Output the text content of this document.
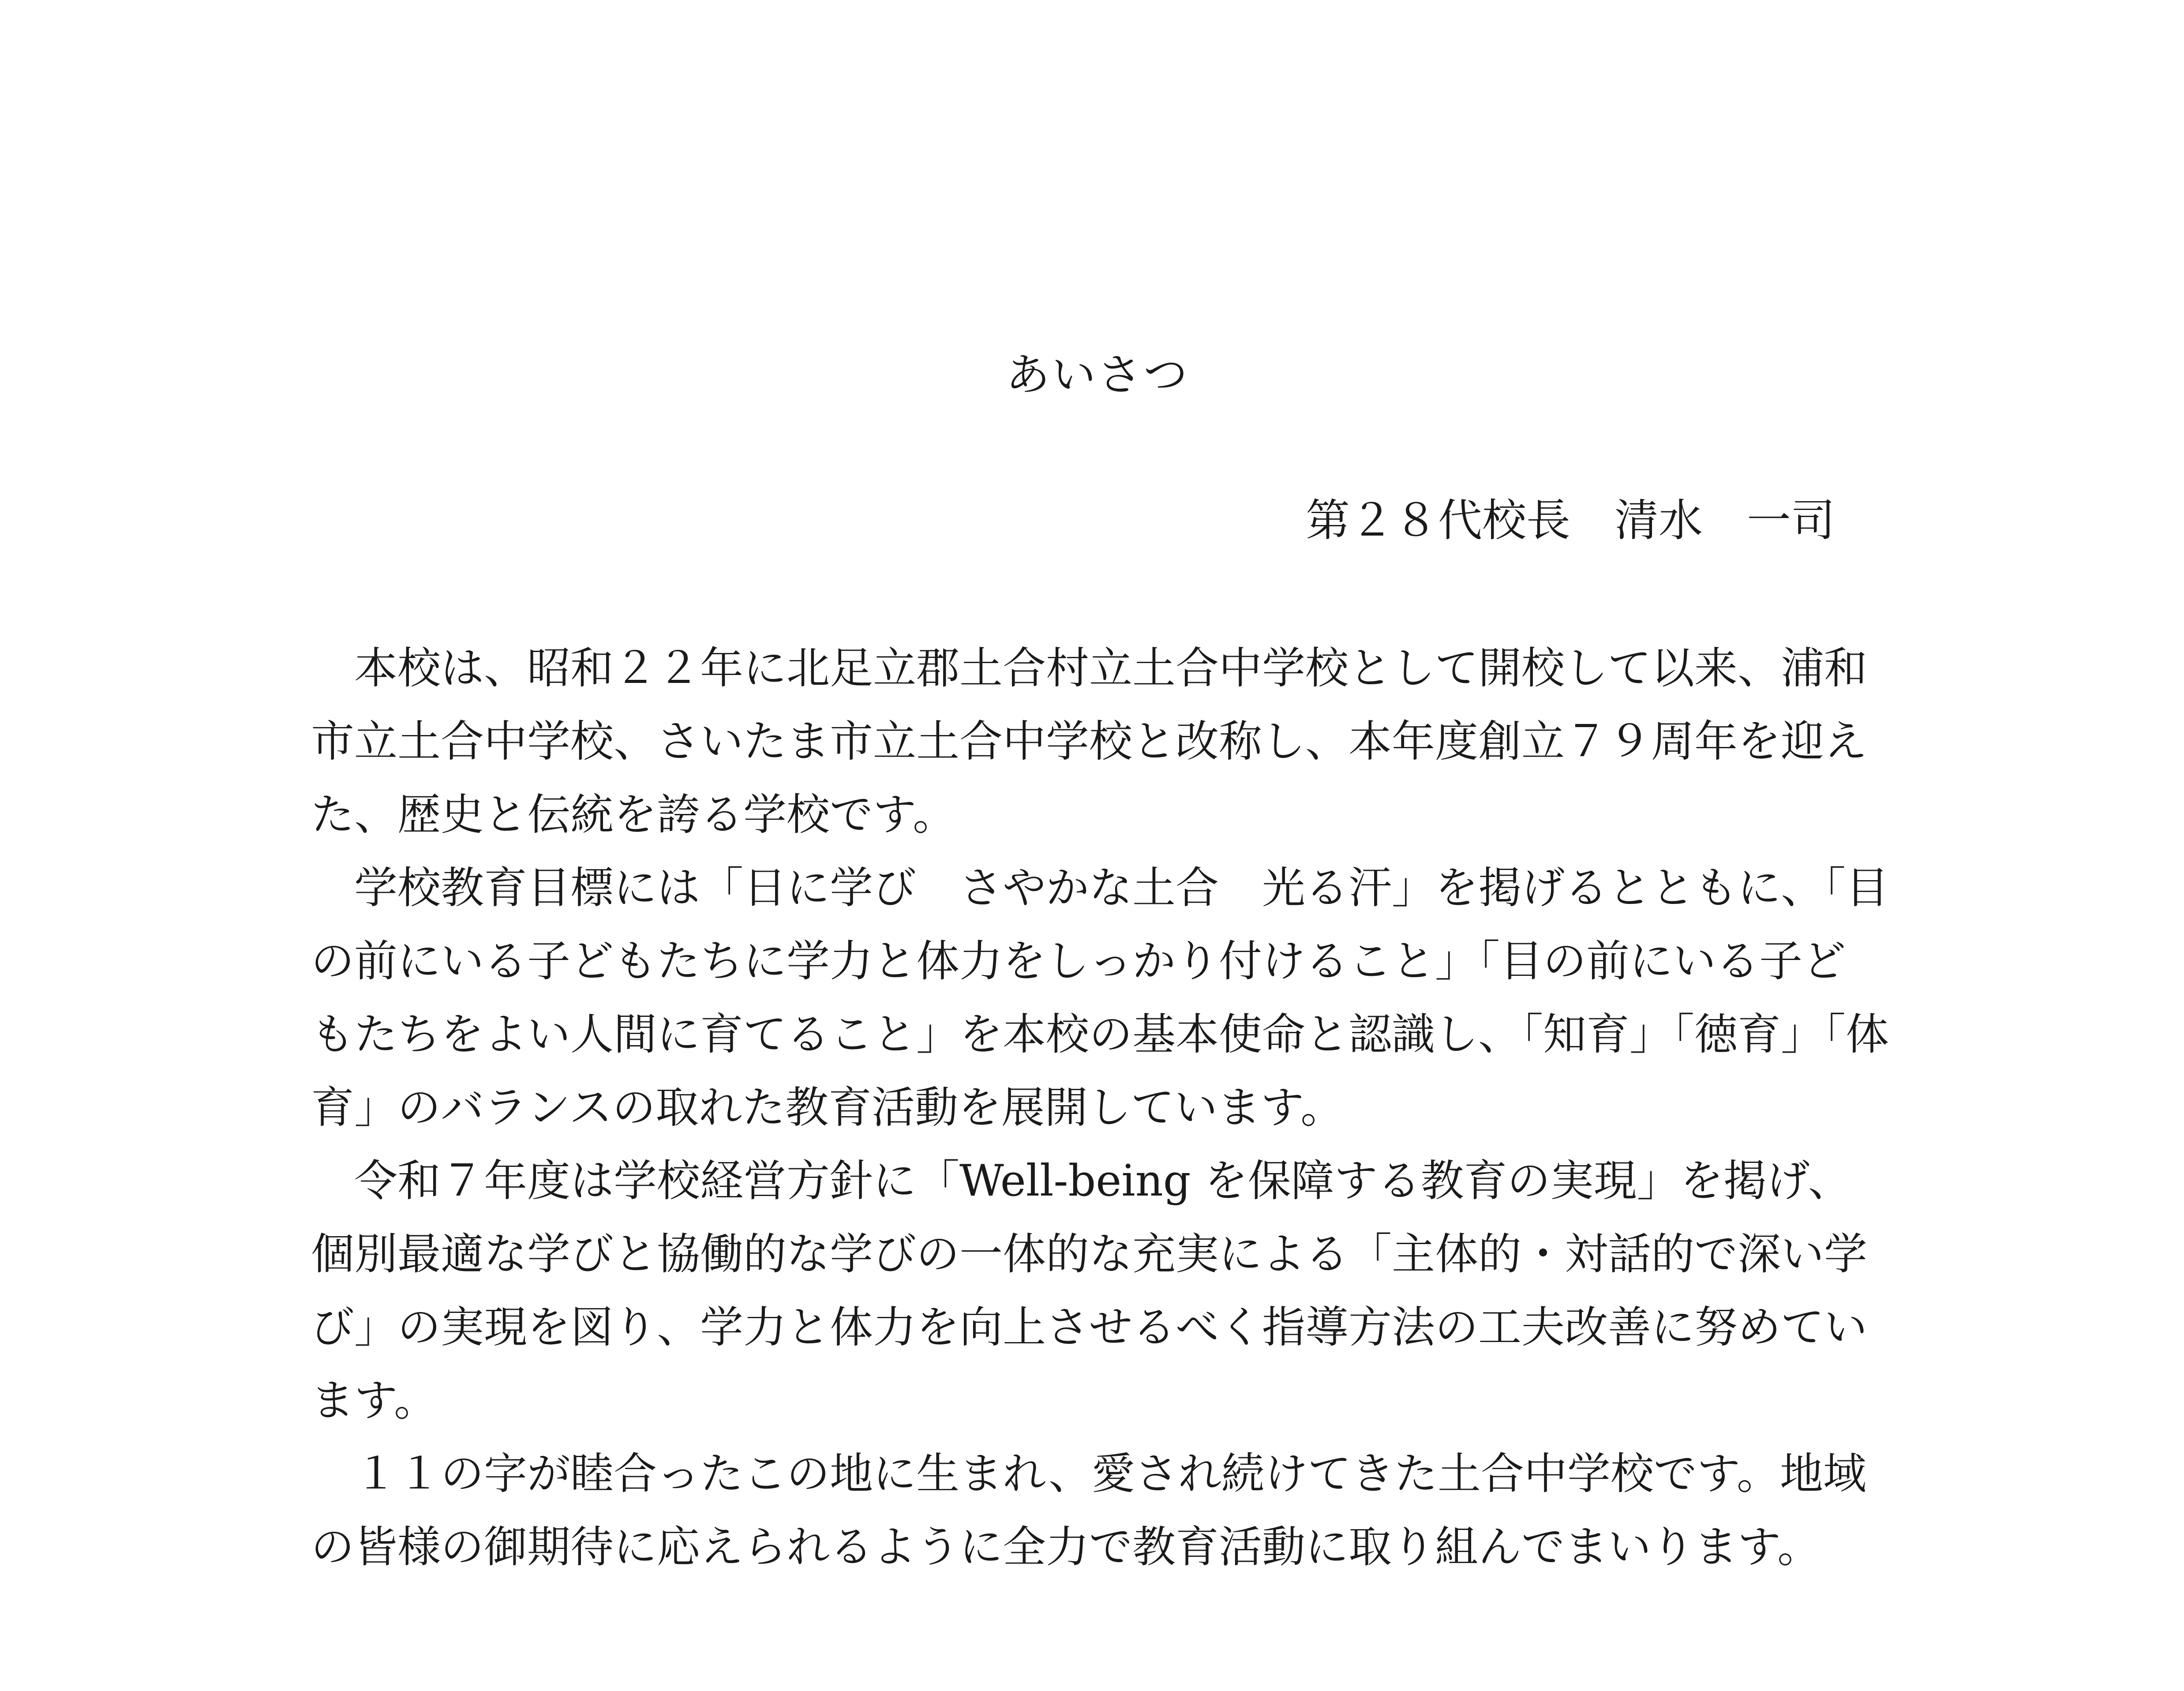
あいさつ
第２８代校長　清水　一司
　本校は、昭和２２年に北足立郡土合村立土合中学校として開校して以来、浦和
市立土合中学校、さいたま市立土合中学校と改称し、本年度創立７９周年を迎え
た、歴史と伝統を誇る学校です。
　学校教育目標には「日に学び　さやかな土合　光る汗」を掲げるとともに、「目
の前にいる子どもたちに学力と体力をしっかり付けること」「目の前にいる子ど
もたちをよい人間に育てること」を本校の基本使命と認識し、「知育」「徳育」「体
育」のバランスの取れた教育活動を展開しています。
　令和７年度は学校経営方針に「Well-being を保障する教育の実現」を掲げ、
個別最適な学びと協働的な学びの一体的な充実による「主体的・対話的で深い学
び」の実現を図り、学力と体力を向上させるべく指導方法の工夫改善に努めてい
ます。
　１１の字が睦合ったこの地に生まれ、愛され続けてきた土合中学校です。地域
の皆様の御期待に応えられるように全力で教育活動に取り組んでまいります。
